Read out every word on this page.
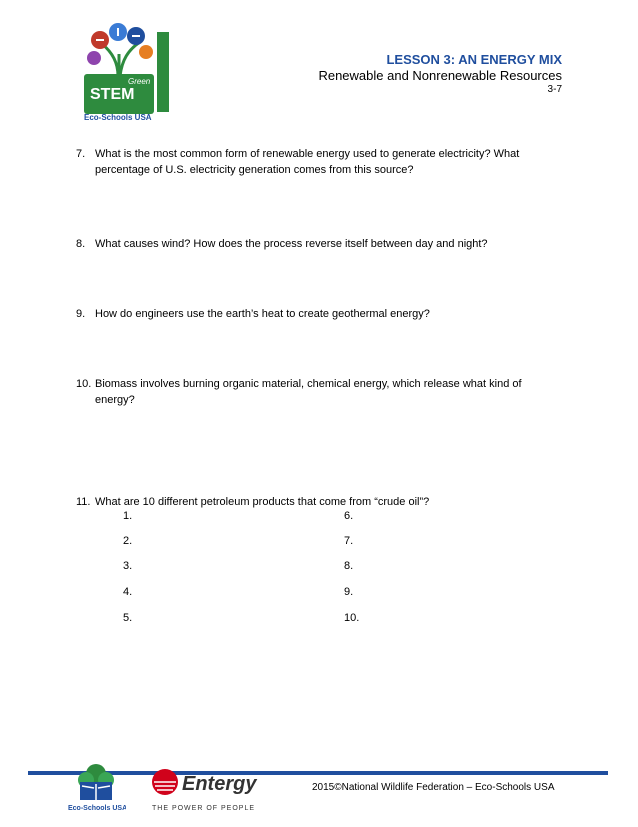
Green
STEM
Eco-Schools USA
LESSON 3: AN ENERGY MIX
Renewable and Nonrenewable Resources
3-7
7. What is the most common form of renewable energy used to generate electricity? What percentage of U.S. electricity generation comes from this source?
8. What causes wind? How does the process reverse itself between day and night?
9. How do engineers use the earth’s heat to create geothermal energy?
10. Biomass involves burning organic material, chemical energy, which release what kind of energy?
11. What are 10 different petroleum products that come from “crude oil”?
1.
2.
3.
4.
5.
6.
7.
8.
9.
10.
Eco-Schools USA
Entergy
THE POWER OF PEOPLE
2015©National Wildlife Federation – Eco-Schools USA
